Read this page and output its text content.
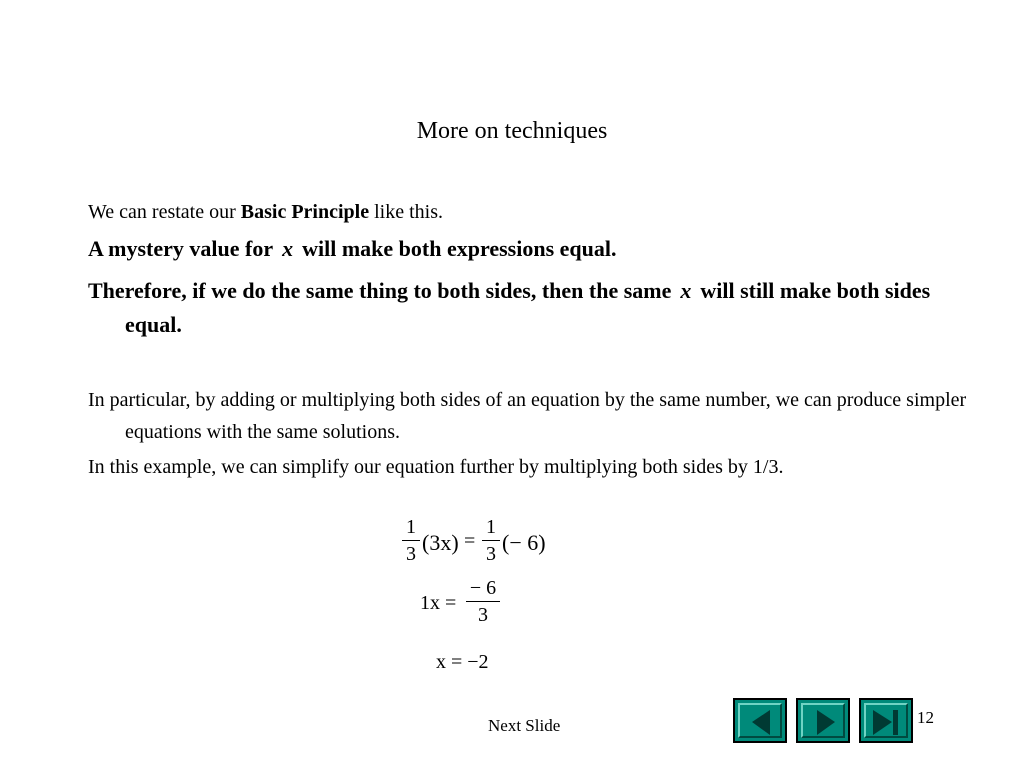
More on techniques
We can restate our Basic Principle like this.
A mystery value for x will make both expressions equal.
Therefore, if we do the same thing to both sides, then the same x will still make both sides equal.
In particular, by adding or multiplying both sides of an equation by the same number, we can produce simpler equations with the same solutions.
In this example, we can simplify our equation further by multiplying both sides by 1/3.
1
3 (3x) =
1
3 (− 6)
1x =
− 6
3
x = −2
Next Slide	12
